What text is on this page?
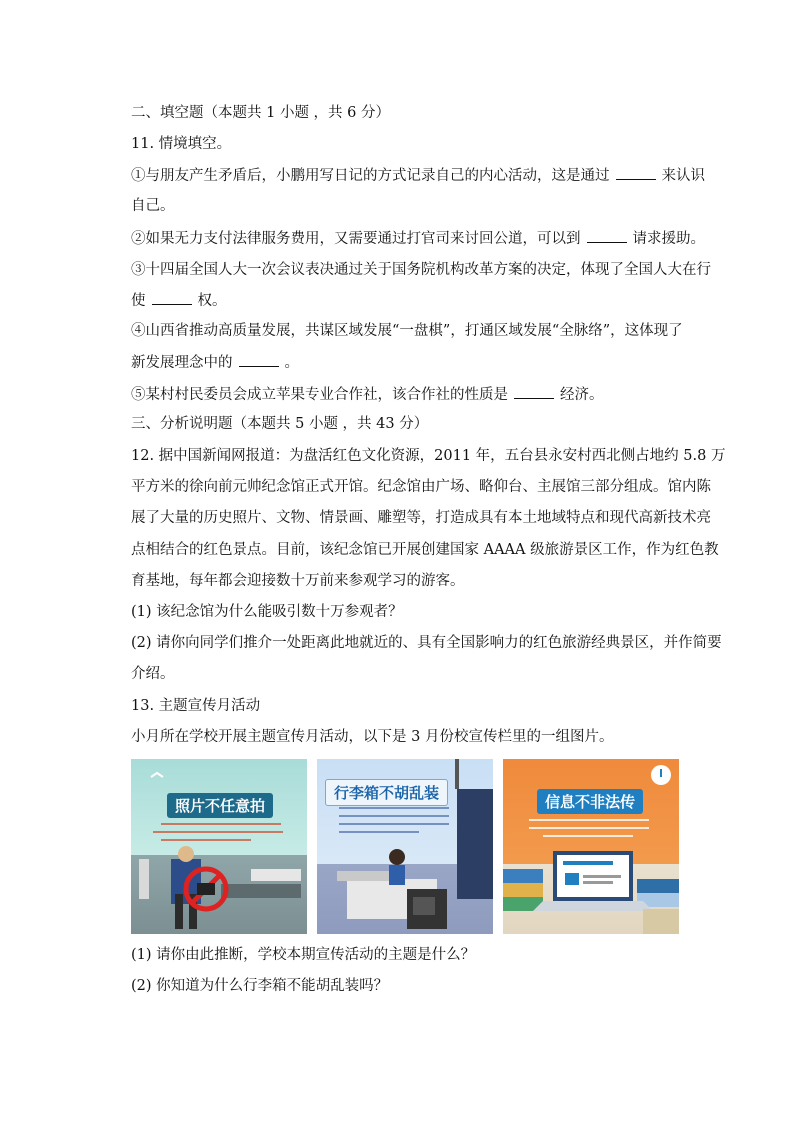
二、填空题（本题共 1 小题 ，共 6 分）
11. 情境填空。
①与朋友产生矛盾后，小鹏用写日记的方式记录自己的内心活动，这是通过	来认识
自己。
②如果无力支付法律服务费用，又需要通过打官司来讨回公道，可以到	请求援助。
③十四届全国人大一次会议表决通过关于国务院机构改革方案的决定，体现了全国人大在行
使	权。
④山西省推动高质量发展，共谋区域发展“一盘棋”，打通区域发展“全脉络”，这体现了
新发展理念中的	。
⑤某村村民委员会成立苹果专业合作社，该合作社的性质是	经济。
三、分析说明题（本题共 5 小题 ，共 43 分）
12. 据中国新闻网报道：为盘活红色文化资源，2011 年，五台县永安村西北侧占地约 5.8 万
平方米的徐向前元帅纪念馆正式开馆。纪念馆由广场、略仰台、主展馆三部分组成。馆内陈
展了大量的历史照片、文物、情景画、雕塑等，打造成具有本土地域特点和现代高新技术亮
点相结合的红色景点。目前，该纪念馆已开展创建国家 AAAA 级旅游景区工作，作为红色教
育基地，每年都会迎接数十万前来参观学习的游客。
(1) 该纪念馆为什么能吸引数十万参观者？
(2) 请你向同学们推介一处距离此地就近的、具有全国影响力的红色旅游经典景区，并作简要
介绍。
13. 主题宣传月活动
小月所在学校开展主题宣传月活动，以下是 3 月份校宣传栏里的一组图片。
照片不任意拍
行李箱不胡乱装	信息不非法传
(1) 请你由此推断，学校本期宣传活动的主题是什么？
(2) 你知道为什么行李箱不能胡乱装吗？
